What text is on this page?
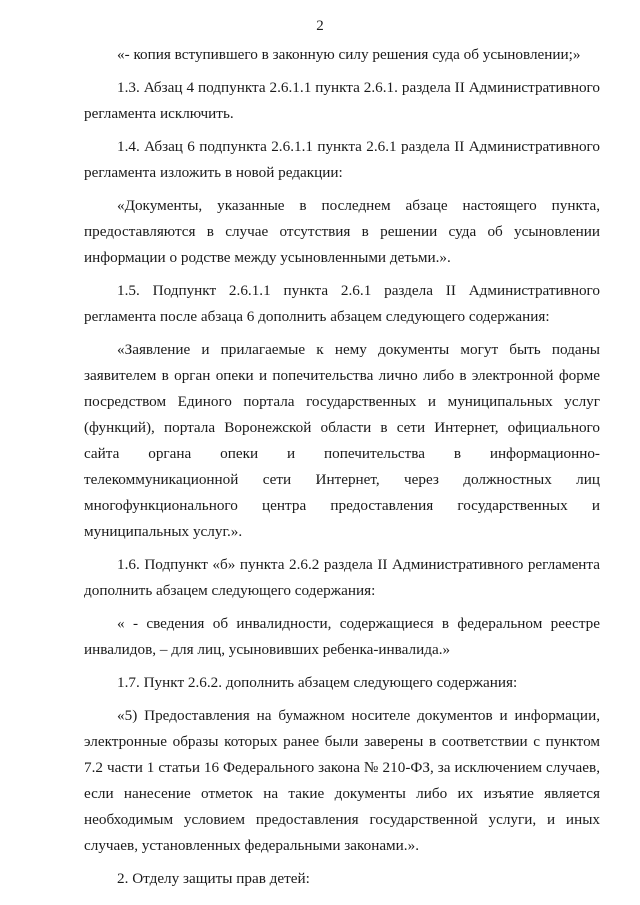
2

«- копия вступившего в законную силу решения суда об усыновлении;»

1.3. Абзац 4 подпункта 2.6.1.1 пункта 2.6.1. раздела II Административного регламента исключить.

1.4. Абзац 6 подпункта 2.6.1.1 пункта 2.6.1 раздела II Административного регламента изложить в новой редакции:

«Документы, указанные в последнем абзаце настоящего пункта, предоставляются в случае отсутствия в решении суда об усыновлении информации о родстве между усыновленными детьми.».

1.5. Подпункт 2.6.1.1 пункта 2.6.1 раздела II Административного регламента после абзаца 6 дополнить абзацем следующего содержания:

«Заявление и прилагаемые к нему документы могут быть поданы заявителем в орган опеки и попечительства лично либо в электронной форме посредством Единого портала государственных и муниципальных услуг (функций), портала Воронежской области в сети Интернет, официального сайта органа опеки и попечительства в информационно-телекоммуникационной сети Интернет, через должностных лиц многофункционального центра предоставления государственных и муниципальных услуг.».

1.6. Подпункт «б» пункта 2.6.2 раздела II Административного регламента дополнить абзацем следующего содержания:

« - сведения об инвалидности, содержащиеся в федеральном реестре инвалидов, – для лиц, усыновивших ребенка-инвалида.»

1.7. Пункт 2.6.2. дополнить абзацем следующего содержания:

«5) Предоставления на бумажном носителе документов и информации, электронные образы которых ранее были заверены в соответствии с пунктом 7.2 части 1 статьи 16 Федерального закона № 210-ФЗ, за исключением случаев, если нанесение отметок на такие документы либо их изъятие является необходимым условием предоставления государственной услуги, и иных случаев, установленных федеральными законами.».

2. Отделу защиты прав детей:
